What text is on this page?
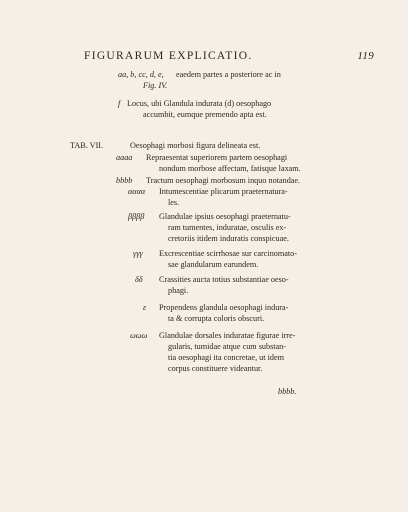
FIGURARUM EXPLICATIO.	119
aa, b, cc, d, e, eaedem partes a posteriore ac in
Fig. IV.
f Locus, ubi Glandula indurata (d) oesophago
accumbit, eumque premendo apta est.
TAB. VII.	Oesophagi morbosi figura delineata est.
aaaa Repraesentat superiorem partem oesophagi
nondum morbose affectam, fatisque laxam.
bbbb Tractum oesophagi morbosum inquo notandae.
αααα Intumescentiae plicarum praeternatura-
les.
ββββ Glandulae ipsius oesophagi praeternatu-
ram tumentes, induratae, osculis ex-
cretoriis itidem induratis conspicuae.
γγγ Excrescentiae scirrhosae sur carcinomato-
sae glandularum earundem.
δδ Crassities aucta totius substantiae oeso-
phagi.
ε Propendens glandula oesophagi indura-
ta & corrupta coloris obscuri.
ωωω Glandulae dorsales induratae figurae irre-
gularis, tumidae atque cum substan-
tia oesophagi ita concretae, ut idem
corpus constituere videantur.
bbbb.
